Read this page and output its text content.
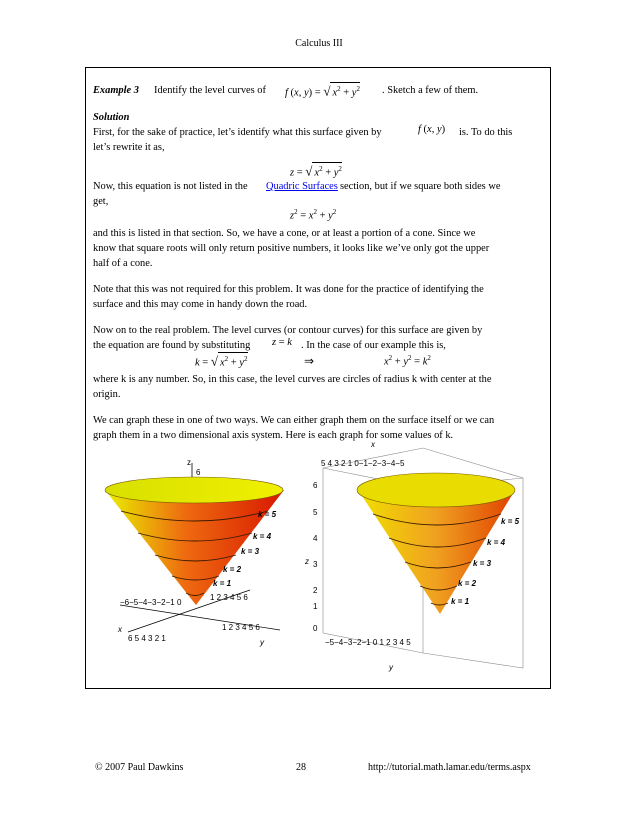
Calculus III
Example 3 Identify the level curves of f (x, y) = √ $x^2 + y^2$ . Sketch a few of them.
Solution
First, for the sake of practice, let’s identify what this surface given by	f (x, y) is. To do this
let’s rewrite it as,
z = √ $x^2 + y^2$
Now, this equation is not listed in the Quadric Surfaces section, but if we square both sides we
get,
$z^2 = x^2 + y^2$
and this is listed in that section. So, we have a cone, or at least a portion of a cone. Since we
know that square roots will only return positive numbers, it looks like we’ve only got the upper
half of a cone.
Note that this was not required for this problem. It was done for the practice of identifying the
surface and this may come in handy down the road.
Now on to the real problem. The level curves (or contour curves) for this surface are given by
the equation are found by substituting z = k . In the case of our example this is,
k = √ $x^2 + y^2$	⇒	$x^2 + y^2 = k^2$
where k is any number. So, in this case, the level curves are circles of radius k with center at the
origin.
We can graph these in one of two ways. We can either graph them on the surface itself or we can
graph them in a two dimensional axis system. Here is each graph for some values of k.
z
6
k = 5
k = 4
k = 3
k = 2
k = 1
−6−5−4−3−2−1 0
1 2 3 4 5 6
x
6 5 4 3 2 1
1 2 3 4 5 6
y
k = 5
k = 4
k = 3
k = 2
k = 1
x
5 4 3 2 1 0−1−2−3−4−5
6
5
4
3
2
1
0
z
−5−4−3−2−1 0 1 2 3 4 5
y
© 2007 Paul Dawkins	28	http://tutorial.math.lamar.edu/terms.aspx
